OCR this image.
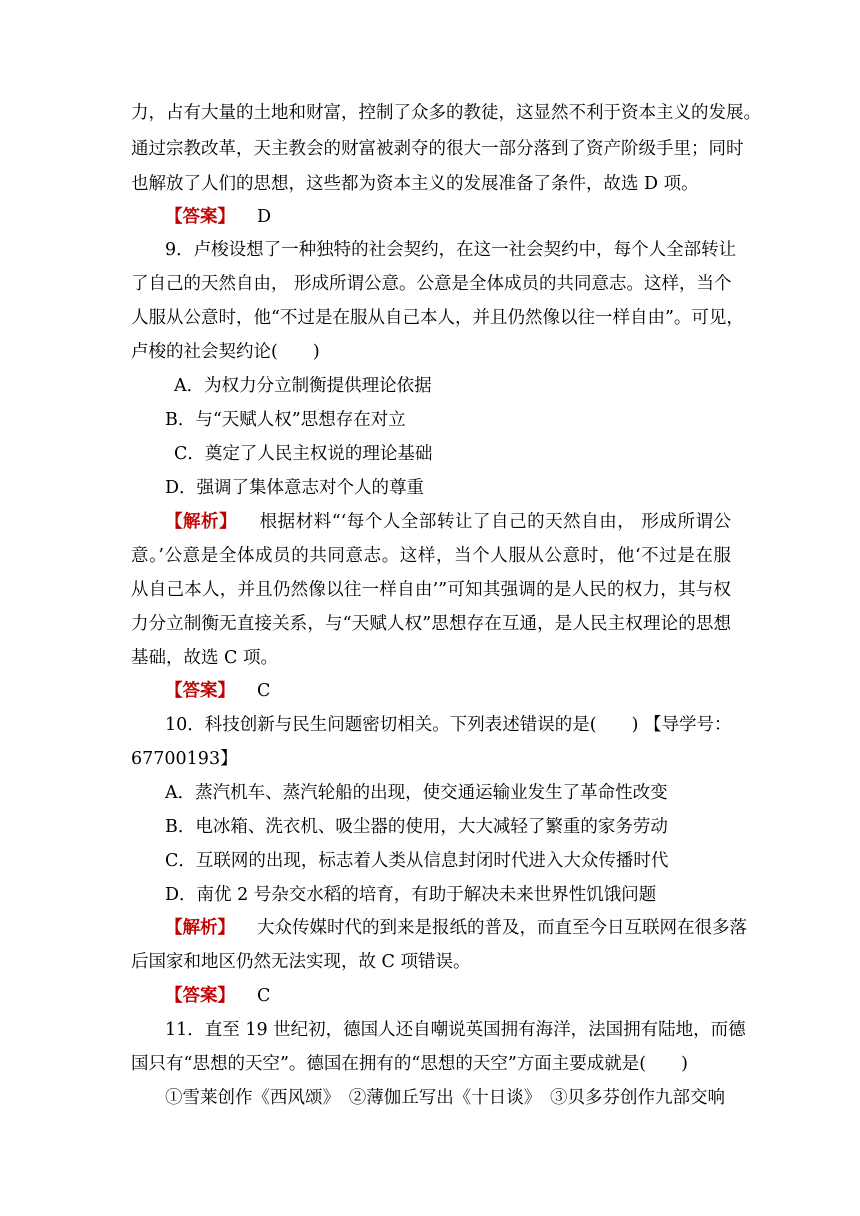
力，占有大量的土地和财富，控制了众多的教徒，这显然不利于资本主义的发展。
通过宗教改革，天主教会的财富被剥夺的很大一部分落到了资产阶级手里；同时
也解放了人们的思想，这些都为资本主义的发展准备了条件，故选 D 项。
【答案】 D
9．卢梭设想了一种独特的社会契约，在这一社会契约中，每个人全部转让
了自己的天然自由， 形成所谓公意。公意是全体成员的共同意志。这样，当个
人服从公意时，他“不过是在服从自己本人，并且仍然像以往一样自由”。可见，
卢梭的社会契约论(　　)
A．为权力分立制衡提供理论依据
B．与“天赋人权”思想存在对立
C．奠定了人民主权说的理论基础
D．强调了集体意志对个人的尊重
【解析】 根据材料“‘每个人全部转让了自己的天然自由， 形成所谓公
意。’公意是全体成员的共同意志。这样，当个人服从公意时，他‘不过是在服
从自己本人，并且仍然像以往一样自由’”可知其强调的是人民的权力，其与权
力分立制衡无直接关系，与“天赋人权”思想存在互通，是人民主权理论的思想
基础，故选 C 项。
【答案】 C
10．科技创新与民生问题密切相关。下列表述错误的是(　　) 【导学号：
67700193】
A．蒸汽机车、蒸汽轮船的出现，使交通运输业发生了革命性改变
B．电冰箱、洗衣机、吸尘器的使用，大大减轻了繁重的家务劳动
C．互联网的出现，标志着人类从信息封闭时代进入大众传播时代
D．南优 2 号杂交水稻的培育，有助于解决未来世界性饥饿问题
【解析】 大众传媒时代的到来是报纸的普及，而直至今日互联网在很多落
后国家和地区仍然无法实现，故 C 项错误。
【答案】 C
11．直至 19 世纪初，德国人还自嘲说英国拥有海洋，法国拥有陆地，而德
国只有“思想的天空”。德国在拥有的“思想的天空”方面主要成就是(　　)
①雪莱创作《西风颂》　②薄伽丘写出《十日谈》　③贝多芬创作九部交响
